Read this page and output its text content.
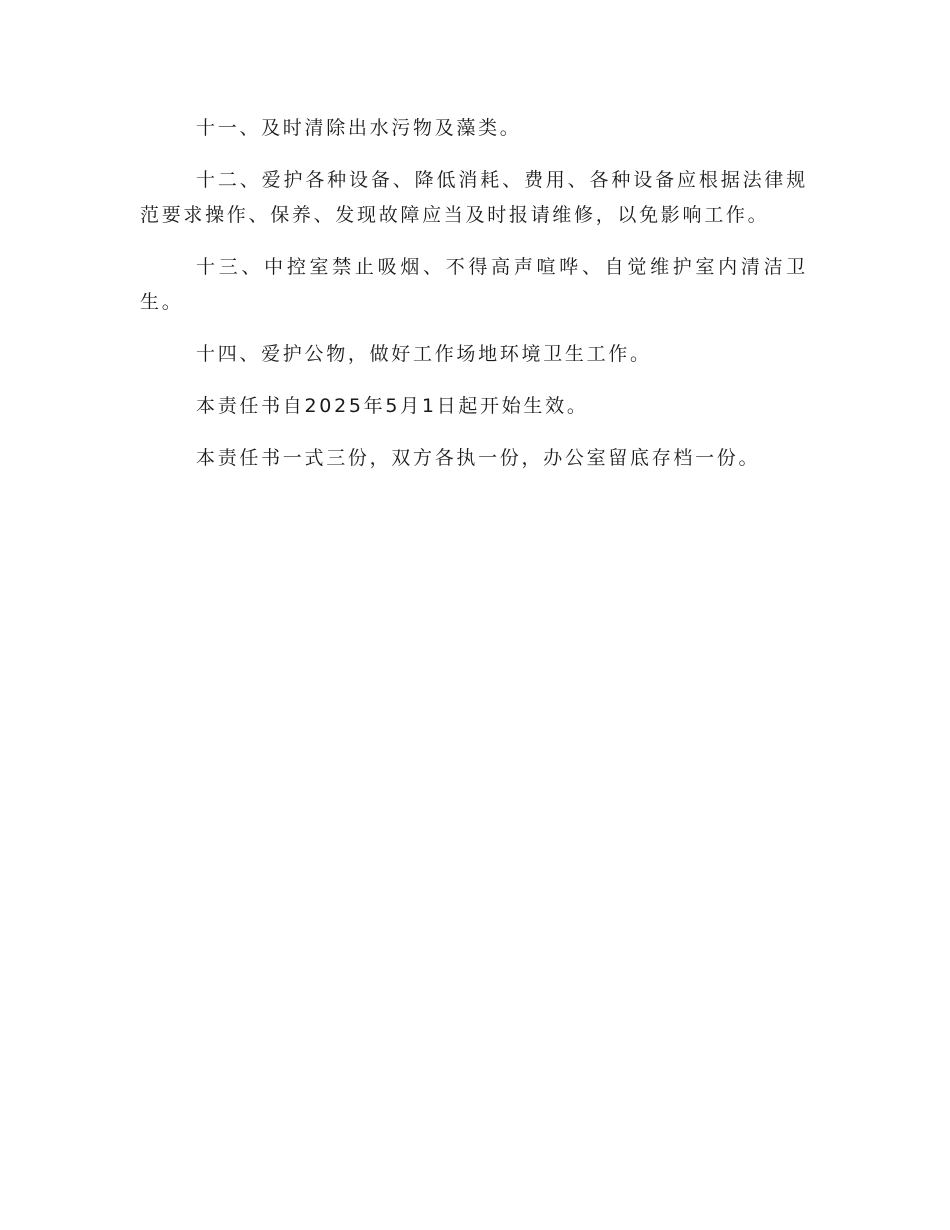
十一、及时清除出水污物及藻类。

十二、爱护各种设备、降低消耗、费用、各种设备应根据法律规范要求操作、保养、发现故障应当及时报请维修，以免影响工作。

十三、中控室禁止吸烟、不得高声喧哗、自觉维护室内清洁卫生。

十四、爱护公物，做好工作场地环境卫生工作。

本责任书自2025年5月1日起开始生效。

本责任书一式三份，双方各执一份，办公室留底存档一份。
